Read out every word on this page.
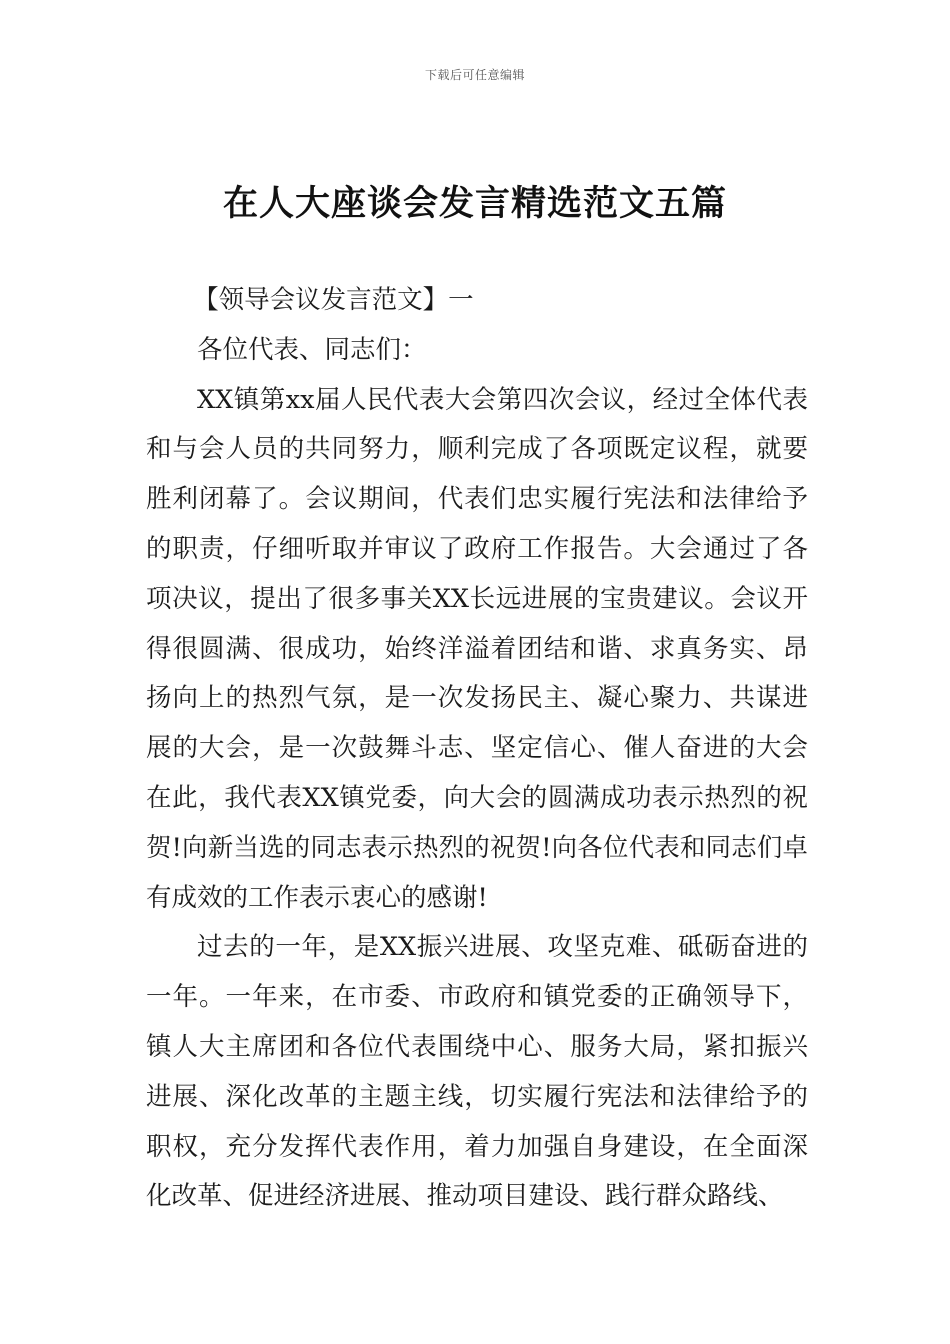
下载后可任意编辑
在人大座谈会发言精选范文五篇

【领导会议发言范文】一

各位代表、同志们：

XX镇第xx届人民代表大会第四次会议，经过全体代表和与会人员的共同努力，顺利完成了各项既定议程，就要胜利闭幕了。会议期间，代表们忠实履行宪法和法律给予的职责，仔细听取并审议了政府工作报告。大会通过了各项决议，提出了很多事关XX长远进展的宝贵建议。会议开得很圆满、很成功，始终洋溢着团结和谐、求真务实、昂扬向上的热烈气氛，是一次发扬民主、凝心聚力、共谋进展的大会，是一次鼓舞斗志、坚定信心、催人奋进的大会在此，我代表XX镇党委，向大会的圆满成功表示热烈的祝贺!向新当选的同志表示热烈的祝贺!向各位代表和同志们卓有成效的工作表示衷心的感谢!

过去的一年，是XX振兴进展、攻坚克难、砥砺奋进的一年。一年来，在市委、市政府和镇党委的正确领导下，镇人大主席团和各位代表围绕中心、服务大局，紧扣振兴进展、深化改革的主题主线，切实履行宪法和法律给予的职权，充分发挥代表作用，着力加强自身建设，在全面深化改革、促进经济进展、推动项目建设、践行群众路线、
